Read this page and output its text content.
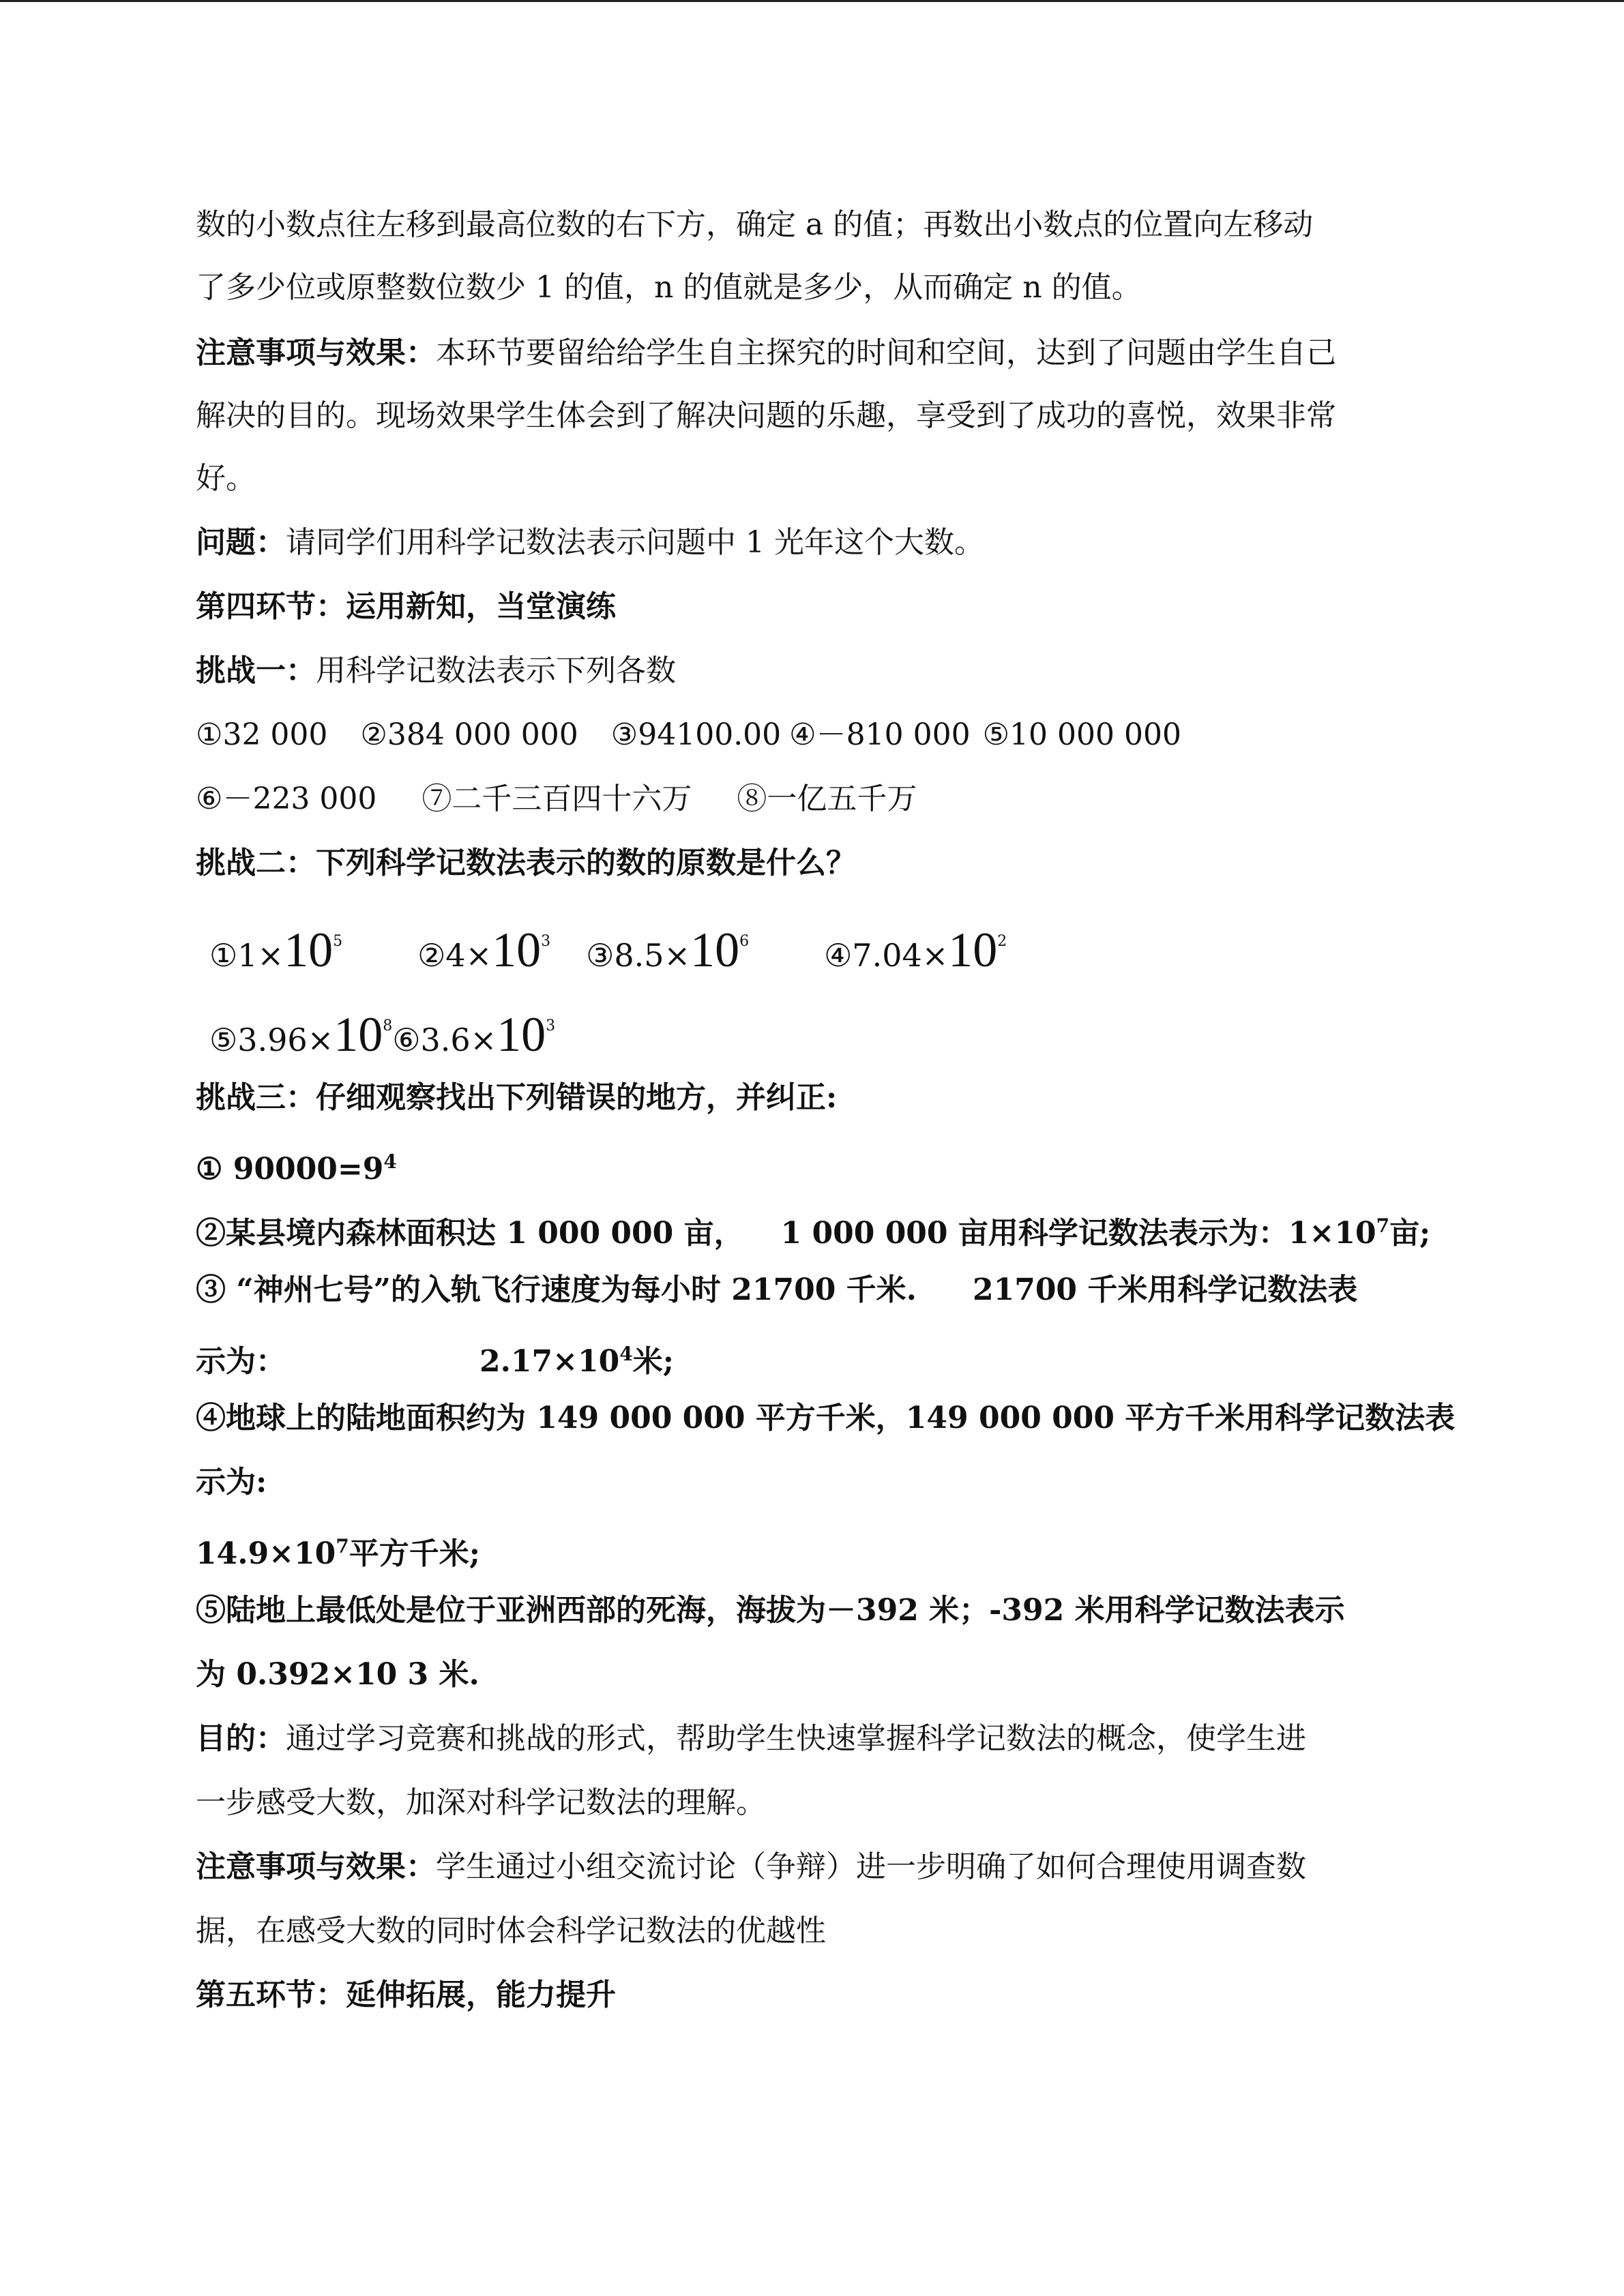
数的小数点往左移到最高位数的右下方，确定 a 的值；再数出小数点的位置向左移动
了多少位或原整数位数少 1 的值，n 的值就是多少，从而确定 n 的值。
注意事项与效果：本环节要留给给学生自主探究的时间和空间，达到了问题由学生自己
解决的目的。现场效果学生体会到了解决问题的乐趣，享受到了成功的喜悦，效果非常
好。
问题：请同学们用科学记数法表示问题中 1 光年这个大数。
第四环节：运用新知，当堂演练
挑战一：用科学记数法表示下列各数
①32 000 ②384 000 000 ③94100.00 ④－810 000 ⑤10 000 000
⑥－223 000 ⑦二千三百四十六万 ⑧一亿五千万
挑战二：下列科学记数法表示的数的原数是什么？
$①1\times 10^5$ $②4\times 10^3$ $③8.5\times 10^6$ $④7.04\times 10^2$
$⑤3.96\times 10^8⑥3.6\times 10^3$
挑战三：仔细观察找出下列错误的地方，并纠正:
① $90000=9^4$
②某县境内森林面积达 1 000 000 亩， 1 000 000 亩用科学记数法表示为：$1\times 10^7$亩;
③ “神州七号”的入轨飞行速度为每小时 21700 千米. 21700 千米用科学记数法表
示为：	$2.17\times 10^4$米;
④地球上的陆地面积约为 149 000 000 平方千米，149 000 000 平方千米用科学记数法表
示为:
$14.9\times 10^7$平方千米;
⑤陆地上最低处是位于亚洲西部的死海，海拔为－392 米；-392 米用科学记数法表示
为 0.392×10 3 米.
目的：通过学习竞赛和挑战的形式，帮助学生快速掌握科学记数法的概念，使学生进
一步感受大数，加深对科学记数法的理解。
注意事项与效果：学生通过小组交流讨论（争辩）进一步明确了如何合理使用调查数
据，在感受大数的同时体会科学记数法的优越性
第五环节：延伸拓展，能力提升
